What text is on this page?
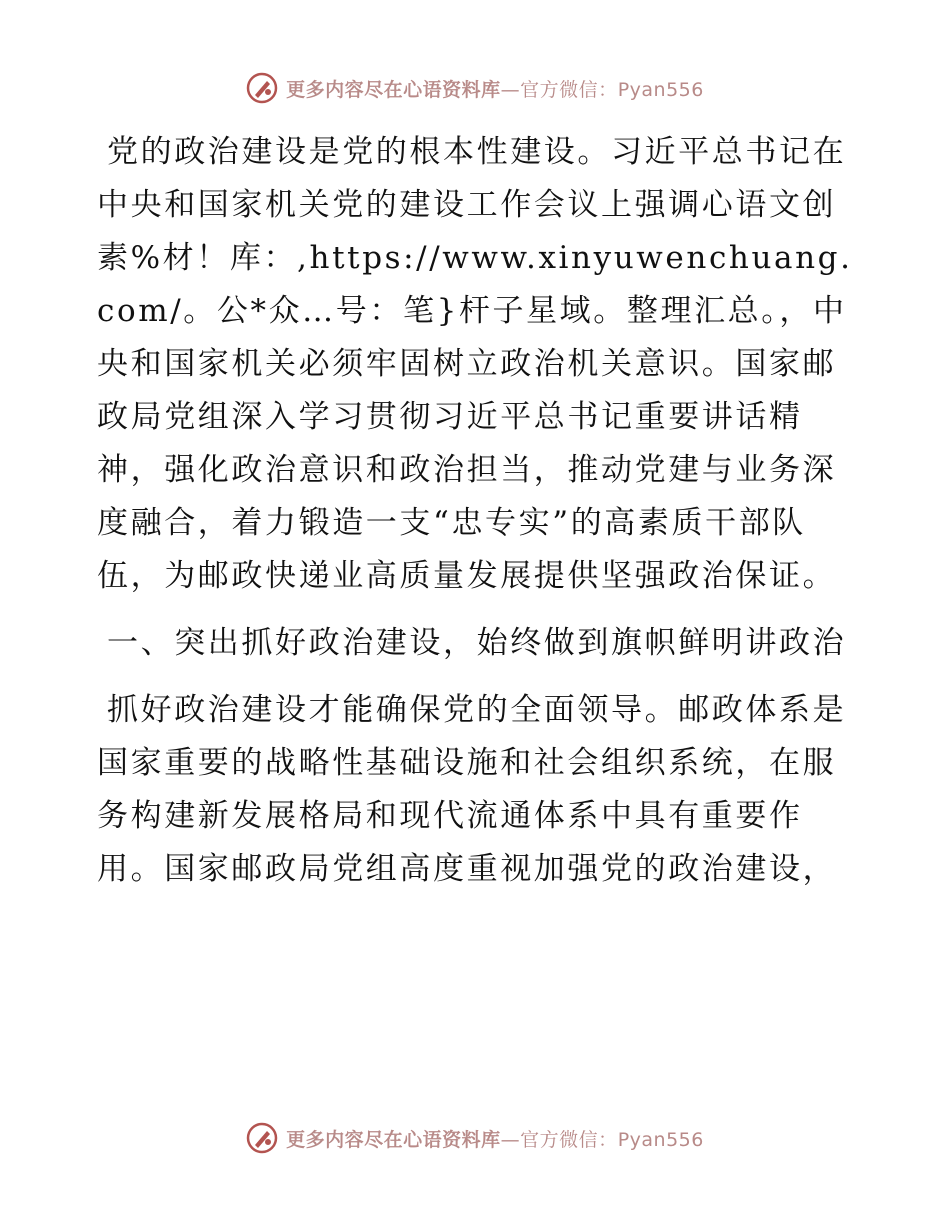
更多内容尽在心语资料库—官方微信：Pyan556

党的政治建设是党的根本性建设。习近平总书记在中央和国家机关党的建设工作会议上强调心语文创素%材！库：,https://www.xinyuwenchuang.com/。公*众…号：笔}杆子星域。整理汇总。，中央和国家机关必须牢固树立政治机关意识。国家邮政局党组深入学习贯彻习近平总书记重要讲话精神，强化政治意识和政治担当，推动党建与业务深度融合，着力锻造一支“忠专实”的高素质干部队伍，为邮政快递业高质量发展提供坚强政治保证。

一、突出抓好政治建设，始终做到旗帜鲜明讲政治

抓好政治建设才能确保党的全面领导。邮政体系是国家重要的战略性基础设施和社会组织系统，在服务构建新发展格局和现代流通体系中具有重要作用。国家邮政局党组高度重视加强党的政治建设，

更多内容尽在心语资料库—官方微信：Pyan556
